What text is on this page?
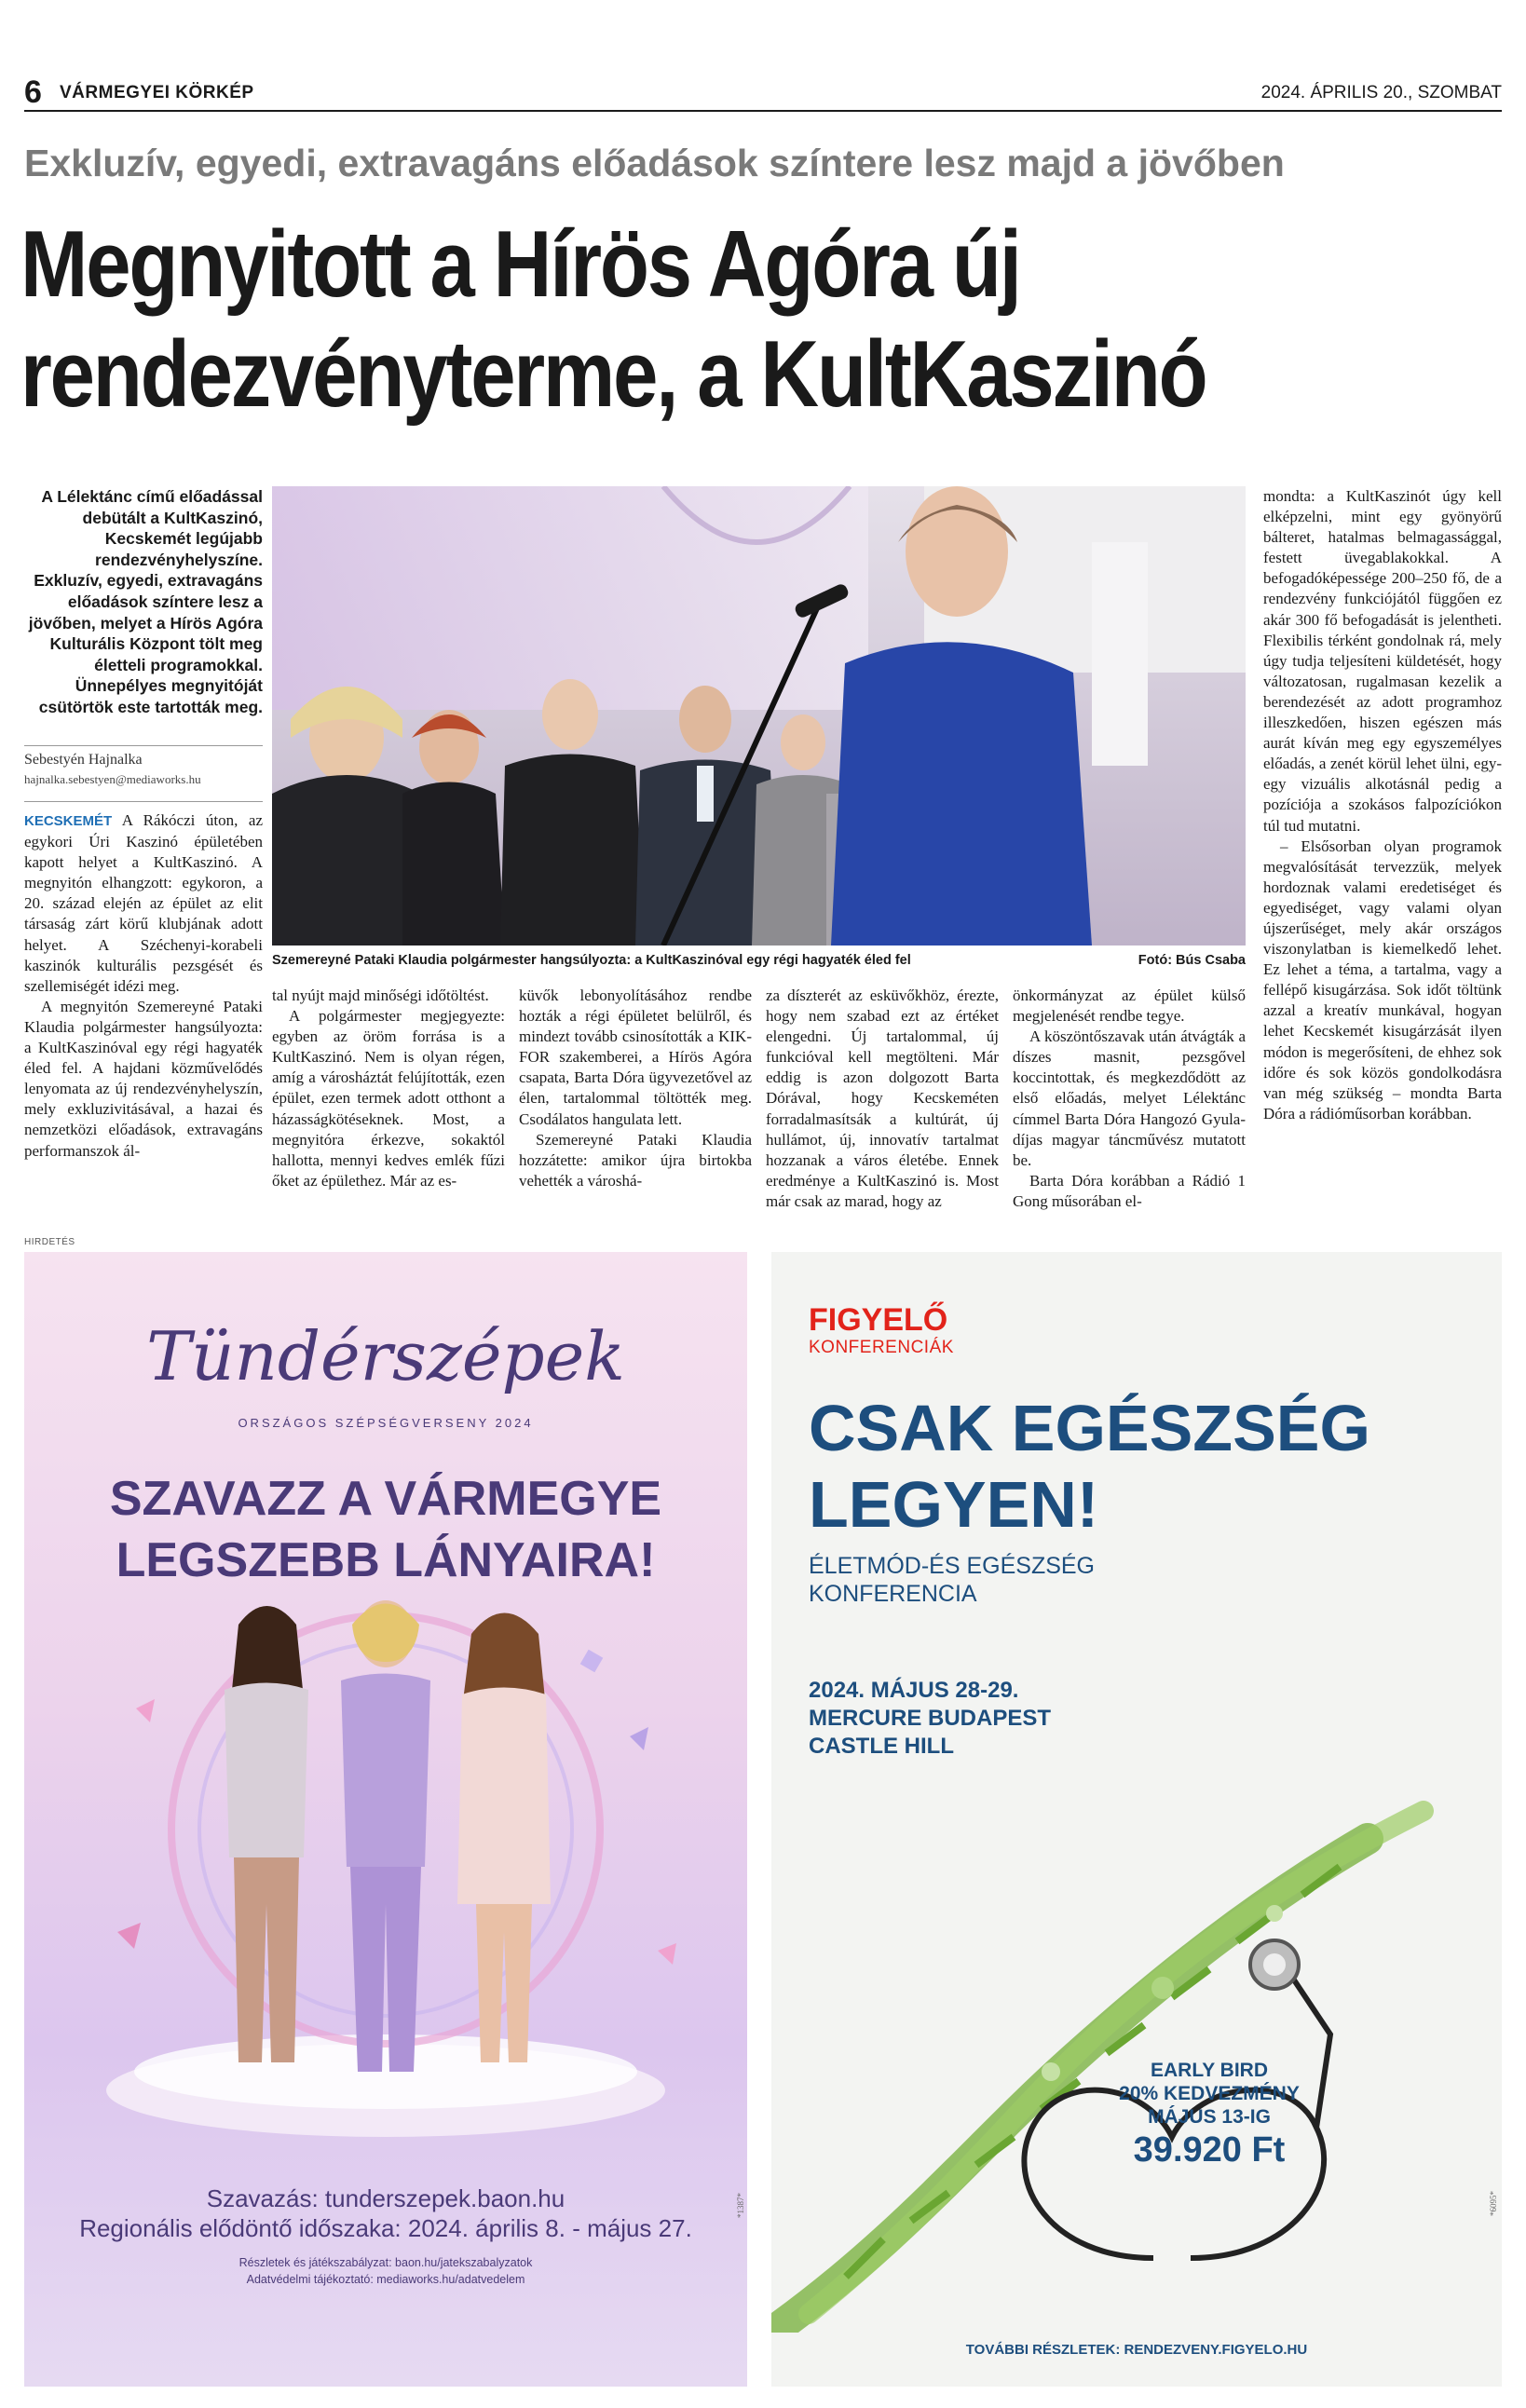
6 VÁRMEGYEI KÖRKÉP	2024. ÁPRILIS 20., SZOMBAT
Exkluzív, egyedi, extravagáns előadások színtere lesz majd a jövőben
Megnyitott a Hírös Agóra új
rendezvényterme, a KultKaszinó
A Lélektánc című előadással debütált a KultKaszinó, Kecskemét legújabb rendezvényhelyszíne. Exkluzív, egyedi, extravagáns előadások színtere lesz a jövőben, melyet a Hírös Agóra Kulturális Központ tölt meg életteli programokkal. Ünnepélyes megnyitóját csütörtök este tartották meg.
Sebestyén Hajnalka
hajnalka.sebestyen@mediaworks.hu

KECSKEMÉT A Rákóczi úton, az egykori Úri Kaszinó épületében kapott helyet a KultKaszinó. A megnyitón elhangzott: egykoron, a 20. század elején az épület az elit társaság zárt körű klubjának adott helyet. A Széchenyi-korabeli kaszinók kulturális pezsgését és szellemiségét idézi meg.

A megnyitón Szemereyné Pataki Klaudia polgármester hangsúlyozta: a KultKaszinóval egy régi hagyaték éled fel. A hajdani közművelődés lenyomata az új rendezvényhelyszín, mely exkluzivitásával, a hazai és nemzetközi előadások, extravagáns performanszok ál-

Szemereyné Pataki Klaudia polgármester hangsúlyozta: a KultKaszinóval egy régi hagyaték éled fel	Fotó: Bús Csaba

tal nyújt majd minőségi időtöltést.

A polgármester megjegyezte: egyben az öröm forrása is a KultKaszinó. Nem is olyan régen, amíg a városháztát felújították, ezen épület, ezen termek adott otthont a házasságkötéseknek. Most, a megnyitóra érkezve, sokaktól hallotta, mennyi kedves emlék fűzi őket az épülethez. Már az es-

küvők lebonyolításához rendbe hozták a régi épületet belülről, és mindezt tovább csinosították a KIK-FOR szakemberei, a Hírös Agóra csapata, Barta Dóra ügyvezetővel az élen, tartalommal töltötték meg. Csodálatos hangulata lett.

Szemereyné Pataki Klaudia hozzátette: amikor újra birtokba vehették a városhá-

za díszterét az esküvőkhöz, érezte, hogy nem szabad ezt az értéket elengedni. Új tartalommal, új funkcióval kell megtölteni. Már eddig is azon dolgozott Barta Dórával, hogy Kecskeméten forradalmasítsák a kultúrát, új hullámot, új, innovatív tartalmat hozzanak a város életébe. Ennek eredménye a KultKaszinó is. Most már csak az marad, hogy az

önkormányzat az épület külső megjelenését rendbe tegye.

A köszöntőszavak után átvágták a díszes masnit, pezsgővel koccintottak, és megkezdődött az első előadás, melyet Lélektánc címmel Barta Dóra Hangozó Gyula-díjas magyar táncművész mutatott be.

Barta Dóra korábban a Rádió 1 Gong műsorában el-

mondta: a KultKaszinót úgy kell elképzelni, mint egy gyönyörű bálteret, hatalmas belmagassággal, festett üvegablakokkal. A befogadóképessége 200–250 fő, de a rendezvény funkciójától függően ez akár 300 fő befogadását is jelentheti. Flexibilis térként gondolnak rá, mely úgy tudja teljesíteni küldetését, hogy változatosan, rugalmasan kezelik a berendezését az adott programhoz illeszkedően, hiszen egészen más aurát kíván meg egy egyszemélyes előadás, a zenét körül lehet ülni, egy-egy vizuális alkotásnál pedig a pozíciója a szokásos falpozíciókon túl tud mutatni.

– Elsősorban olyan programok megvalósítását tervezzük, melyek hordoznak valami eredetiséget és egyediséget, vagy valami olyan újszerűséget, mely akár országos viszonylatban is kiemelkedő lehet. Ez lehet a téma, a tartalma, vagy a fellépő kisugárzása. Sok időt töltünk azzal a kreatív munkával, hogyan lehet Kecskemét kisugárzását ilyen módon is megerősíteni, de ehhez sok időre és sok közös gondolkodásra van még szükség – mondta Barta Dóra a rádióműsorban korábban.

HIRDETÉS
Tündérszépek
ORSZÁGOS SZÉPSÉGVERSENY 2024
SZAVAZZ A VÁRMEGYE
LEGSZEBB LÁNYAIRA!
Szavazás: tunderszepek.baon.hu
Regionális elődöntő időszaka: 2024. április 8. - május 27.
Részletek és játékszabályzat: baon.hu/jatekszabalyzatok
Adatvédelmi tájékoztató: mediaworks.hu/adatvedelem
*1387*
FIGYELŐ
KONFERENCIÁK
CSAK EGÉSZSÉG
LEGYEN!
ÉLETMÓD-ÉS EGÉSZSÉG
KONFERENCIA
2024. MÁJUS 28-29.
MERCURE BUDAPEST
CASTLE HILL
EARLY BIRD
20% KEDVEZMÉNY
MÁJUS 13-IG
39.920 Ft
TOVÁBBI RÉSZLETEK: RENDEZVENY.FIGYELO.HU
*6095*
